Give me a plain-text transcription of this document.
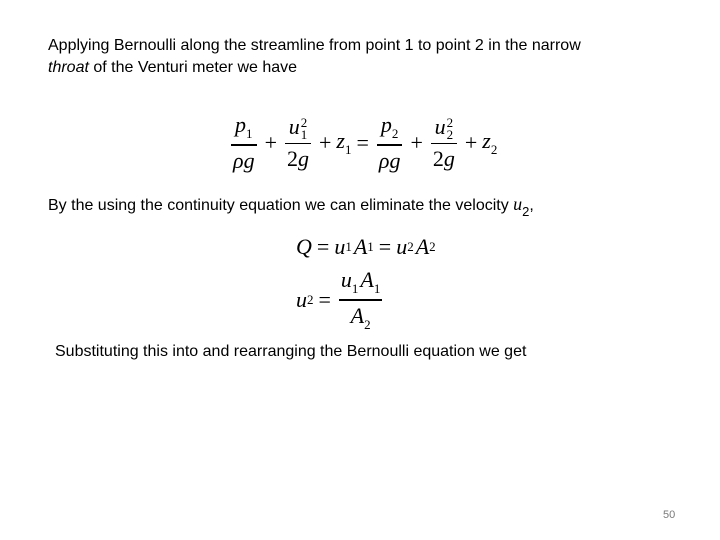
Applying Bernoulli along the streamline from point 1 to point 2 in the narrow
throat of the Venturi meter we have
$\frac{p_1}{\rho g} + u$ 2
1
$2g + z_1 = \frac{p_2}{\rho g} + u$ 2
2
$2g + z_2$
By the using the continuity equation we can eliminate the velocity $u_2$,
Q = u 1 A 1 = u 2 A 2
u $2 = \frac{u_1A_1}{A_2}$
Substituting this into and rearranging the Bernoulli equation we get
50
